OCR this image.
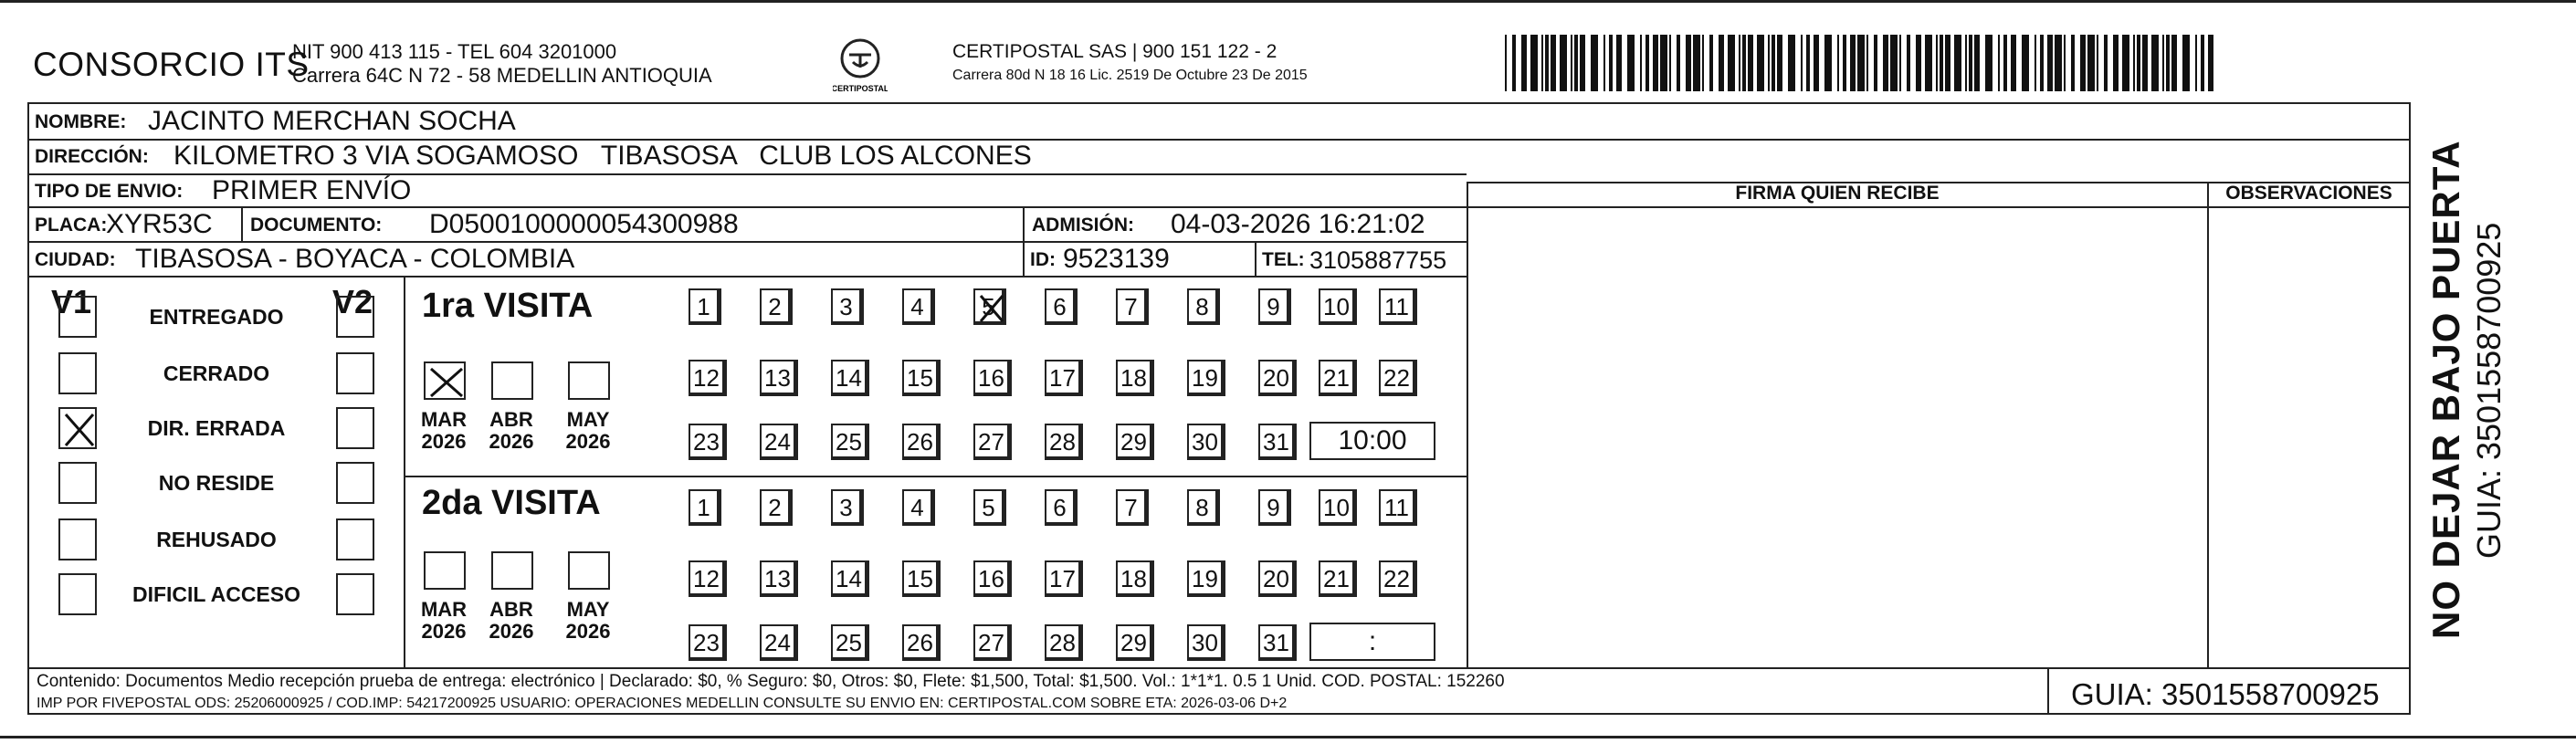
CONSORCIO ITS
NIT 900 413 115 - TEL 604 3201000
Carrera 64C N 72 - 58 MEDELLIN ANTIOQUIA
CERTIPOSTAL
CERTIPOSTAL SAS | 900 151 122 - 2
Carrera 80d N 18 16 Lic. 2519 De Octubre 23 De 2015
NOMBRE: JACINTO MERCHAN SOCHA
DIRECCIÓN: KILOMETRO 3 VIA SOGAMOSO   TIBASOSA   CLUB LOS ALCONES
TIPO DE ENVIO: PRIMER ENVÍO	FIRMA QUIEN RECIBE	OBSERVACIONES
PLACA:
XYR53C DOCUMENTO: D0500100000054300988	ADMISIÓN: 04-03-2026 16:21:02
CIUDAD: TIBASOSA - BOYACA - COLOMBIA	ID: 9523139	TEL: 3105887755
V1	V2
ENTREGADO
CERRADO
DIR. ERRADA
NO RESIDE
REHUSADO
DIFICIL ACCESO
1ra VISITA
MAR
2026
ABR
2026
MAY
2026
1	2	3	4	5	6	7	8	9	10	11
12	13	14	15	16	17	18	19	20	21	22
23	24	25	26	27	28	29	30	31	10:00
2da VISITA
MAR
2026
ABR
2026
MAY
2026
1	2	3	4	5	6	7	8	9	10	11
12	13	14	15	16	17	18	19	20	21	22
23	24	25	26	27	28	29	30	31	:
Contenido: Documentos Medio recepción prueba de entrega: electrónico | Declarado: $0, % Seguro: $0, Otros: $0, Flete: $1,500, Total: $1,500. Vol.: 1*1*1. 0.5 1 Unid. COD. POSTAL: 152260
IMP POR FIVEPOSTAL ODS: 25206000925 / COD.IMP: 54217200925 USUARIO: OPERACIONES MEDELLIN CONSULTE SU ENVIO EN: CERTIPOSTAL.COM SOBRE ETA: 2026-03-06 D+2	GUIA: 3501558700925
NO DEJAR BAJO PUERTA GUIA: 3501558700925
